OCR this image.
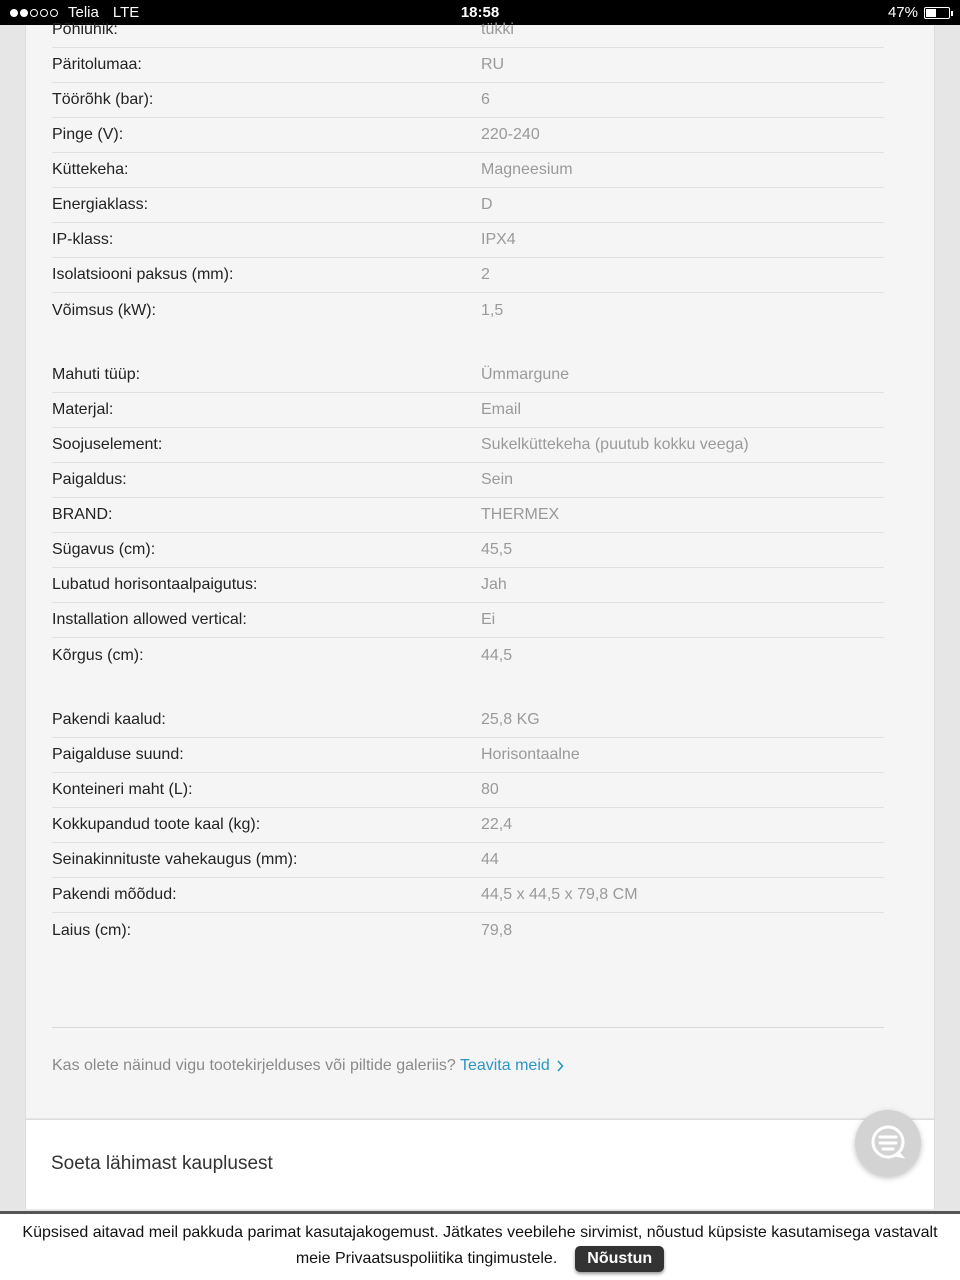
Telia LTE	18:58	47%
Põhiühik:	tükki
Päritolumaa:	RU
Töörõhk (bar):	6
Pinge (V):	220-240
Küttekeha:	Magneesium
Energiaklass:	D
IP-klass:	IPX4
Isolatsiooni paksus (mm):	2
Võimsus (kW):	1,5
Mahuti tüüp:	Ümmargune
Materjal:	Email
Soojuselement:	Sukelküttekeha (puutub kokku veega)
Paigaldus:	Sein
BRAND:	THERMEX
Sügavus (cm):	45,5
Lubatud horisontaalpaigutus:	Jah
Installation allowed vertical:	Ei
Kõrgus (cm):	44,5
Pakendi kaalud:	25,8 KG
Paigalduse suund:	Horisontaalne
Konteineri maht (L):	80
Kokkupandud toote kaal (kg):	22,4
Seinakinnituste vahekaugus (mm):	44
Pakendi mõõdud:	44,5 x 44,5 x 79,8 CM
Laius (cm):	79,8
Kas olete näinud vigu tootekirjelduses või piltide galeriis? Teavita meid
Soeta lähimast kauplusest
Küpsised aitavad meil pakkuda parimat kasutajakogemust. Jätkates veebilehe sirvimist, nõustud küpsiste kasutamisega vastavalt
meie Privaatsuspoliitika tingimustele.	Nõustun
